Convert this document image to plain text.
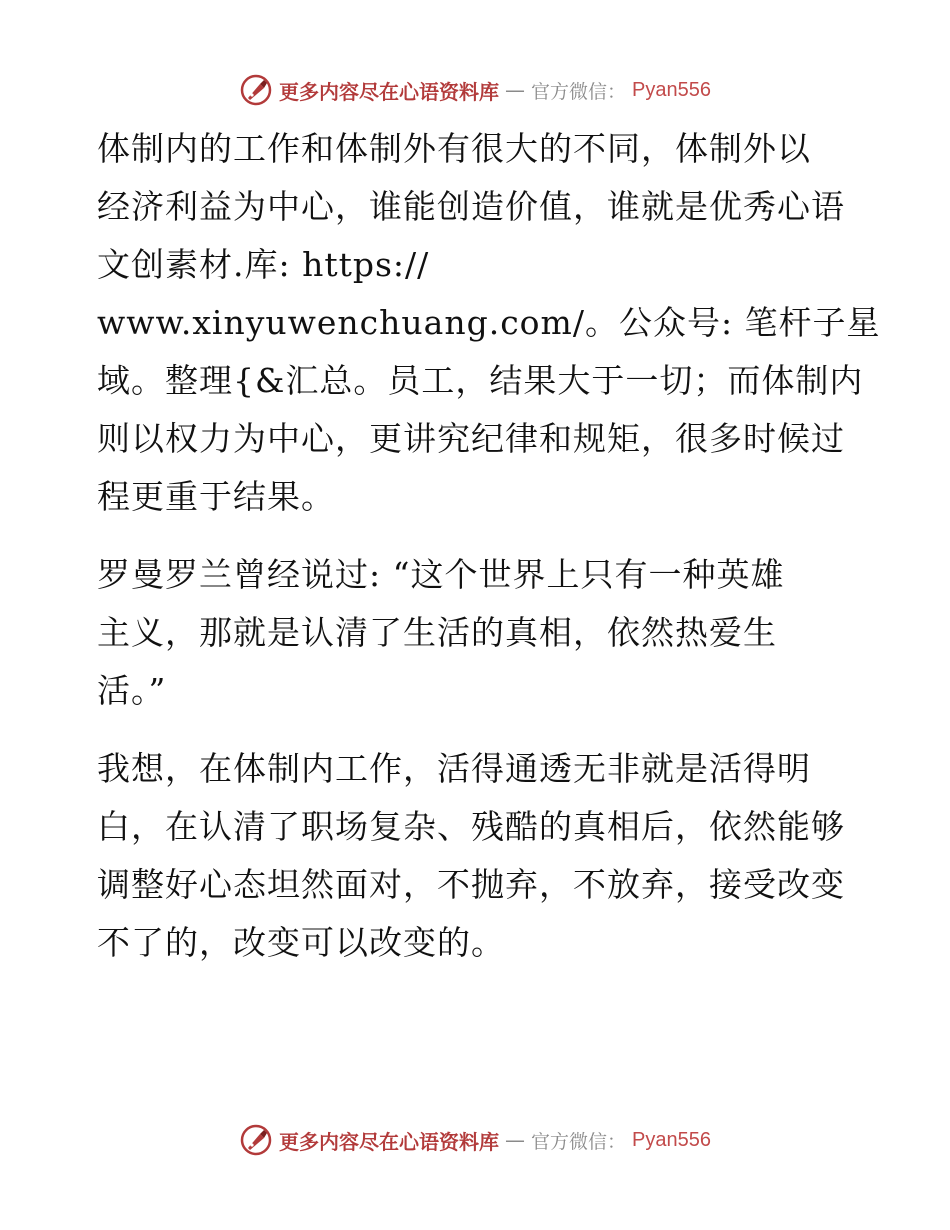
更多内容尽在心语资料库 — 官方微信： Pyan556
体制内的工作和体制外有很大的不同，体制外以
经济利益为中心，谁能创造价值，谁就是优秀心语
文创素材.库: https://
www.xinyuwenchuang.com/。公众号: 笔杆子星
域。整理{&汇总。员工，结果大于一切；而体制内
则以权力为中心，更讲究纪律和规矩，很多时候过
程更重于结果。
罗曼罗兰曾经说过: “这个世界上只有一种英雄
主义，那就是认清了生活的真相，依然热爱生
活。”
我想，在体制内工作，活得通透无非就是活得明
白，在认清了职场复杂、残酷的真相后，依然能够
调整好心态坦然面对，不抛弃，不放弃，接受改变
不了的，改变可以改变的。
更多内容尽在心语资料库 — 官方微信： Pyan556
